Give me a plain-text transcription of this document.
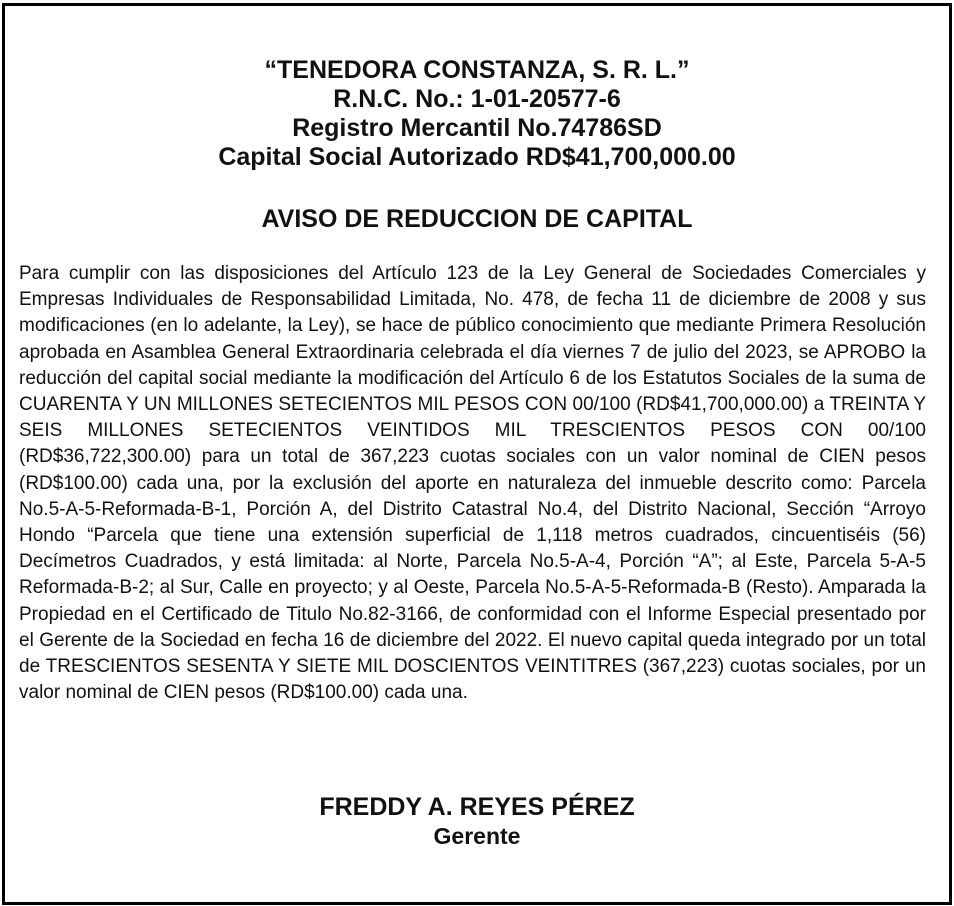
“TENEDORA CONSTANZA, S. R. L.”
R.N.C. No.: 1-01-20577-6
Registro Mercantil No.74786SD
Capital Social Autorizado RD$41,700,000.00
AVISO DE REDUCCION DE CAPITAL
Para cumplir con las disposiciones del Artículo 123 de la Ley General de Sociedades Comerciales y Empresas Individuales de Responsabilidad Limitada, No. 478, de fecha 11 de diciembre de 2008 y sus modificaciones (en lo adelante, la Ley), se hace de público conocimiento que mediante Primera Resolución aprobada en Asamblea General Extraordinaria celebrada el día viernes 7 de julio del 2023, se APROBO la reducción del capital social mediante la modificación del Artículo 6 de los Estatutos Sociales de la suma de CUARENTA Y UN MILLONES SETECIENTOS MIL PESOS CON 00/100 (RD$41,700,000.00) a TREINTA Y SEIS MILLONES SETECIENTOS VEINTIDOS MIL TRESCIENTOS PESOS CON 00/100 (RD$36,722,300.00) para un total de 367,223 cuotas sociales con un valor nominal de CIEN pesos (RD$100.00) cada una, por la exclusión del aporte en naturaleza del inmueble descrito como: Parcela No.5-A-5-Reformada-B-1, Porción A, del Distrito Catastral No.4, del Distrito Nacional, Sección “Arroyo Hondo “Parcela que tiene una extensión superficial de 1,118 metros cuadrados, cincuentiséis (56) Decímetros Cuadrados, y está limitada: al Norte, Parcela No.5-A-4, Porción “A”; al Este, Parcela 5-A-5 Reformada-B-2; al Sur, Calle en proyecto; y al Oeste, Parcela No.5-A-5-Reformada-B (Resto). Amparada la Propiedad en el Certificado de Titulo No.82-3166, de conformidad con el Informe Especial presentado por el Gerente de la Sociedad en fecha 16 de diciembre del 2022. El nuevo capital queda integrado por un total de TRESCIENTOS SESENTA Y SIETE MIL DOSCIENTOS VEINTITRES (367,223) cuotas sociales, por un valor nominal de CIEN pesos (RD$100.00) cada una.
FREDDY A. REYES PÉREZ
Gerente
